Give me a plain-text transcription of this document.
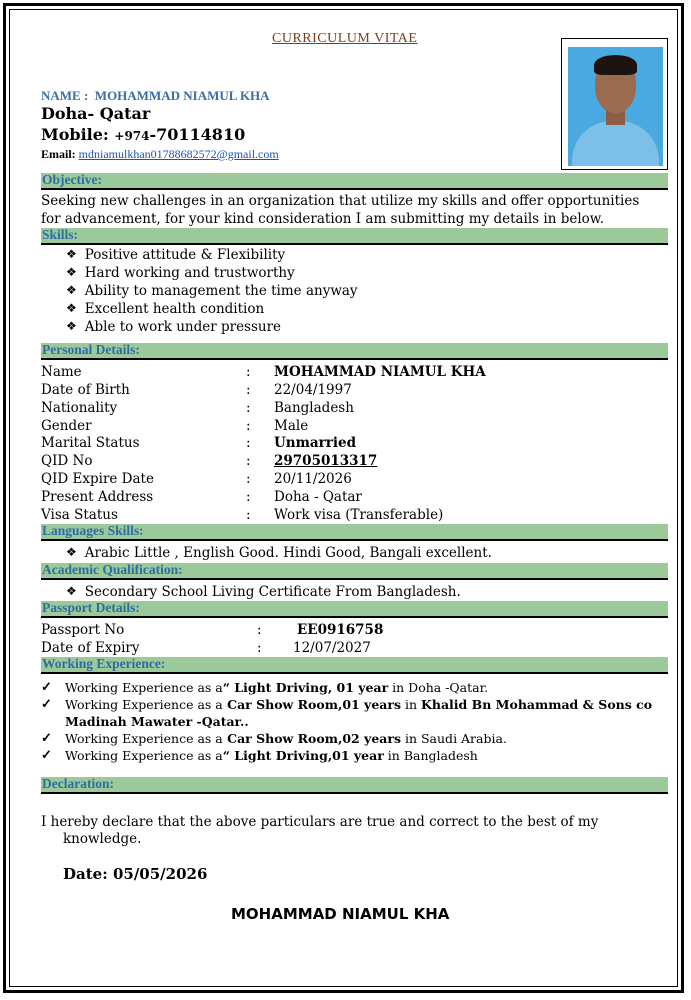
CURRICULUM VITAE
NAME : MOHAMMAD NIAMUL KHA
Doha- Qatar
Mobile: +974-70114810
Email: mdniamulkhan01788682572@gmail.com
Objective:
Seeking new challenges in an organization that utilize my skills and offer opportunities
for advancement, for your kind consideration I am submitting my details in below.
Skills:
❖ Positive attitude & Flexibility
❖ Hard working and trustworthy
❖ Ability to management the time anyway
❖ Excellent health condition
❖ Able to work under pressure
Personal Details:
Name	: MOHAMMAD NIAMUL KHA
Date of Birth	: 22/04/1997
Nationality	: Bangladesh
Gender	: Male
Marital Status	: Unmarried
QID No	: 29705013317
QID Expire Date	: 20/11/2026
Present Address	: Doha - Qatar
Visa Status	: Work visa (Transferable)
Languages Skills:
❖ Arabic Little , English Good. Hindi Good, Bangali excellent.
Academic Qualification:
❖ Secondary School Living Certificate From Bangladesh.
Passport Details:
Passport No	:	EE0916758
Date of Expiry	: 12/07/2027
Working Experience:
✓ Working Experience as a“ Light Driving, 01 year in Doha -Qatar.
✓ Working Experience as a Car Show Room,01 years in Khalid Bn Mohammad & Sons co
Madinah Mawater -Qatar..
✓ Working Experience as a Car Show Room,02 years in Saudi Arabia.
✓ Working Experience as a“ Light Driving,01 year in Bangladesh
Declaration:
I hereby declare that the above particulars are true and correct to the best of my
knowledge.
Date: 05/05/2026
MOHAMMAD NIAMUL KHA
